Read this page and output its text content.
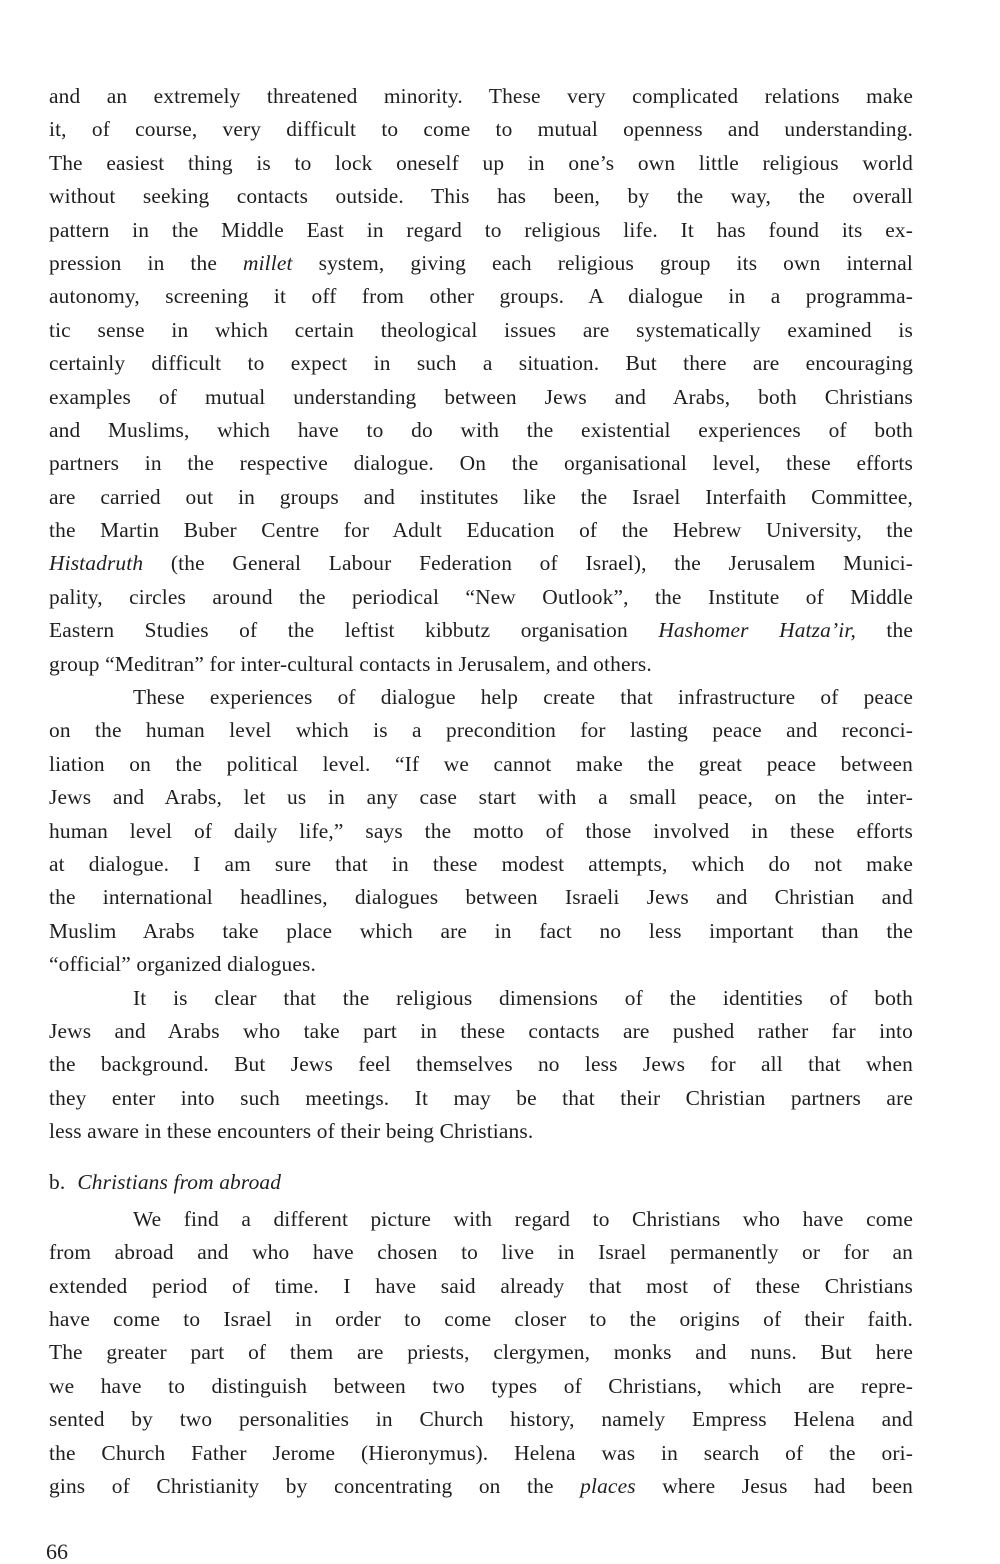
and an extremely threatened minority. These very complicated relations make
it, of course, very difficult to come to mutual openness and understanding.
The easiest thing is to lock oneself up in one’s own little religious world
without seeking contacts outside. This has been, by the way, the overall
pattern in the Middle East in regard to religious life. It has found its ex-
pression in the millet system, giving each religious group its own internal
autonomy, screening it off from other groups. A dialogue in a programma-
tic sense in which certain theological issues are systematically examined is
certainly difficult to expect in such a situation. But there are encouraging
examples of mutual understanding between Jews and Arabs, both Christians
and Muslims, which have to do with the existential experiences of both
partners in the respective dialogue. On the organisational level, these efforts
are carried out in groups and institutes like the Israel Interfaith Committee,
the Martin Buber Centre for Adult Education of the Hebrew University, the
Histadruth (the General Labour Federation of Israel), the Jerusalem Munici-
pality, circles around the periodical “New Outlook”, the Institute of Middle
Eastern Studies of the leftist kibbutz organisation Hashomer Hatza’ir, the
group “Meditran” for inter-cultural contacts in Jerusalem, and others.
These experiences of dialogue help create that infrastructure of peace
on the human level which is a precondition for lasting peace and reconci-
liation on the political level. “If we cannot make the great peace between
Jews and Arabs, let us in any case start with a small peace, on the inter-
human level of daily life,” says the motto of those involved in these efforts
at dialogue. I am sure that in these modest attempts, which do not make
the international headlines, dialogues between Israeli Jews and Christian and
Muslim Arabs take place which are in fact no less important than the
“official” organized dialogues.
It is clear that the religious dimensions of the identities of both
Jews and Arabs who take part in these contacts are pushed rather far into
the background. But Jews feel themselves no less Jews for all that when
they enter into such meetings. It may be that their Christian partners are
less aware in these encounters of their being Christians.
b. Christians from abroad
We find a different picture with regard to Christians who have come
from abroad and who have chosen to live in Israel permanently or for an
extended period of time. I have said already that most of these Christians
have come to Israel in order to come closer to the origins of their faith.
The greater part of them are priests, clergymen, monks and nuns. But here
we have to distinguish between two types of Christians, which are repre-
sented by two personalities in Church history, namely Empress Helena and
the Church Father Jerome (Hieronymus). Helena was in search of the ori-
gins of Christianity by concentrating on the places where Jesus had been
66
